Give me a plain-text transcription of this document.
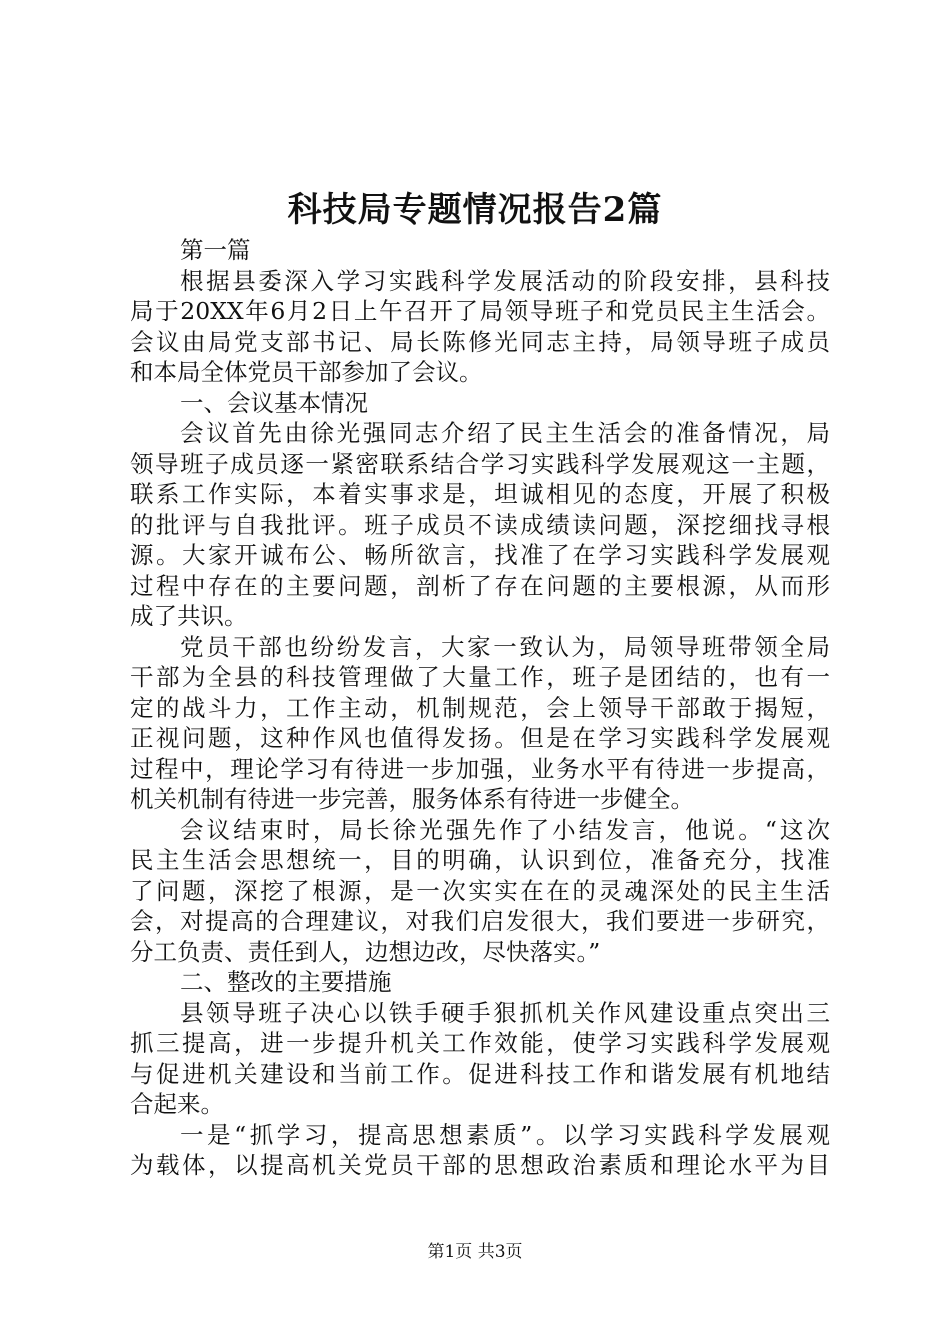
科技局专题情况报告2篇
第一篇
根据县委深入学习实践科学发展活动的阶段安排，县科技
局于20XX年6月2日上午召开了局领导班子和党员民主生活会。
会议由局党支部书记、局长陈修光同志主持，局领导班子成员
和本局全体党员干部参加了会议。
一、会议基本情况
会议首先由徐光强同志介绍了民主生活会的准备情况，局
领导班子成员逐一紧密联系结合学习实践科学发展观这一主题，
联系工作实际，本着实事求是，坦诚相见的态度，开展了积极
的批评与自我批评。班子成员不读成绩读问题，深挖细找寻根
源。大家开诚布公、畅所欲言，找准了在学习实践科学发展观
过程中存在的主要问题，剖析了存在问题的主要根源，从而形
成了共识。
党员干部也纷纷发言，大家一致认为，局领导班带领全局
干部为全县的科技管理做了大量工作，班子是团结的，也有一
定的战斗力，工作主动，机制规范，会上领导干部敢于揭短，
正视问题，这种作风也值得发扬。但是在学习实践科学发展观
过程中，理论学习有待进一步加强，业务水平有待进一步提高，
机关机制有待进一步完善，服务体系有待进一步健全。
会议结束时，局长徐光强先作了小结发言，他说。“这次
民主生活会思想统一，目的明确，认识到位，准备充分，找准
了问题，深挖了根源，是一次实实在在的灵魂深处的民主生活
会，对提高的合理建议，对我们启发很大，我们要进一步研究，
分工负责、责任到人，边想边改，尽快落实。”
二、整改的主要措施
县领导班子决心以铁手硬手狠抓机关作风建设重点突出三
抓三提高，进一步提升机关工作效能，使学习实践科学发展观
与促进机关建设和当前工作。促进科技工作和谐发展有机地结
合起来。
一是“抓学习，提高思想素质”。以学习实践科学发展观
为载体，以提高机关党员干部的思想政治素质和理论水平为目
第1页 共3页
